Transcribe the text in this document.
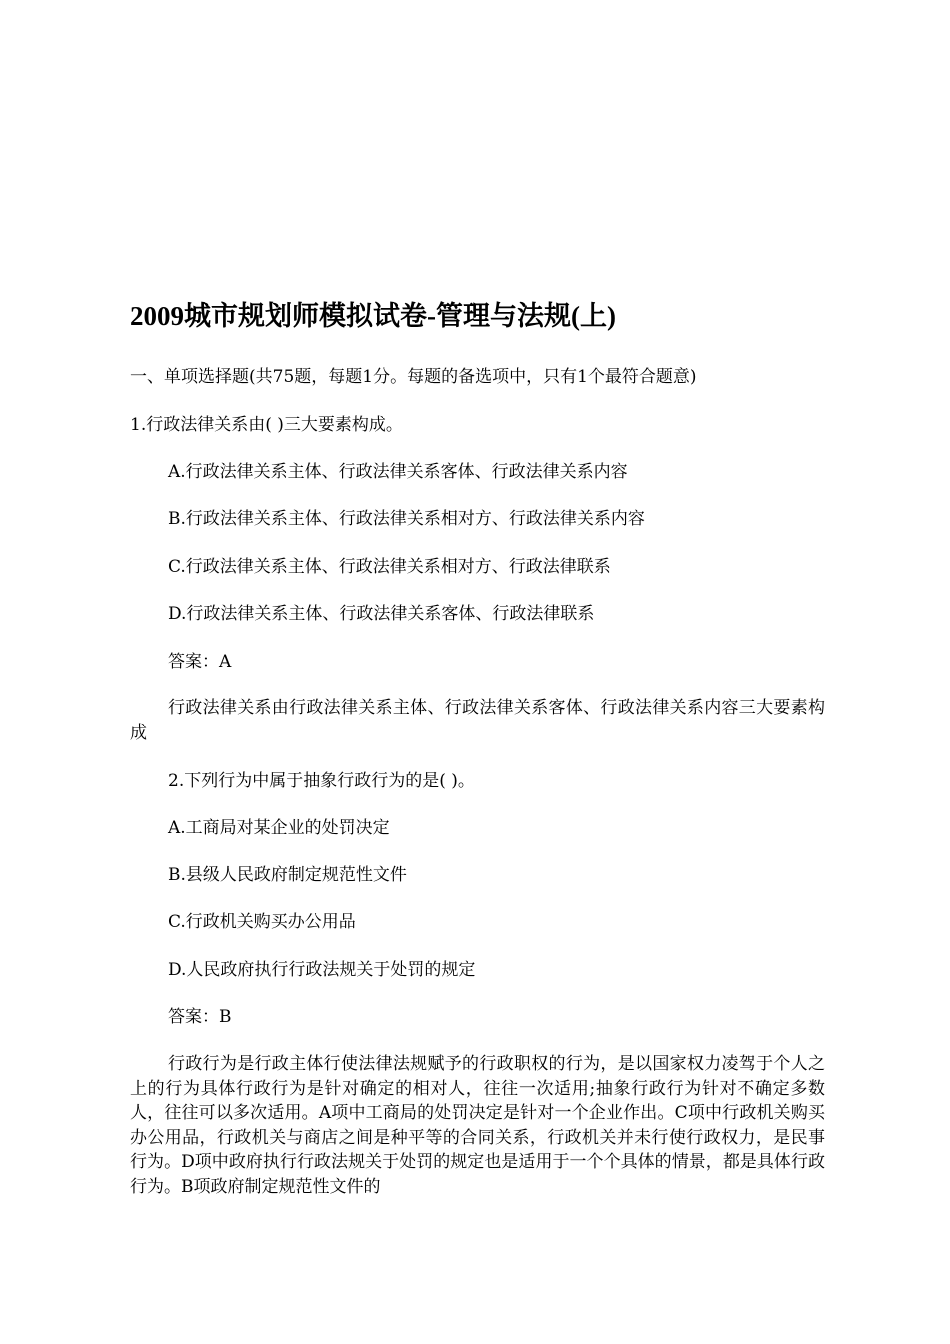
2009城市规划师模拟试卷-管理与法规(上)
一、单项选择题(共75题，每题1分。每题的备选项中，只有1个最符合题意)
1.行政法律关系由( )三大要素构成。
A.行政法律关系主体、行政法律关系客体、行政法律关系内容
B.行政法律关系主体、行政法律关系相对方、行政法律关系内容
C.行政法律关系主体、行政法律关系相对方、行政法律联系
D.行政法律关系主体、行政法律关系客体、行政法律联系
答案：A
行政法律关系由行政法律关系主体、行政法律关系客体、行政法律关系内容三大要素构成
2.下列行为中属于抽象行政行为的是( )。
A.工商局对某企业的处罚决定
B.县级人民政府制定规范性文件
C.行政机关购买办公用品
D.人民政府执行行政法规关于处罚的规定
答案：B
行政行为是行政主体行使法律法规赋予的行政职权的行为，是以国家权力凌驾于个人之上的行为具体行政行为是针对确定的相对人，往往一次适用;抽象行政行为针对不确定多数人，往往可以多次适用。A项中工商局的处罚决定是针对一个企业作出。C项中行政机关购买办公用品，行政机关与商店之间是种平等的合同关系，行政机关并未行使行政权力，是民事行为。D项中政府执行行政法规关于处罚的规定也是适用于一个个具体的情景，都是具体行政行为。B项政府制定规范性文件的
